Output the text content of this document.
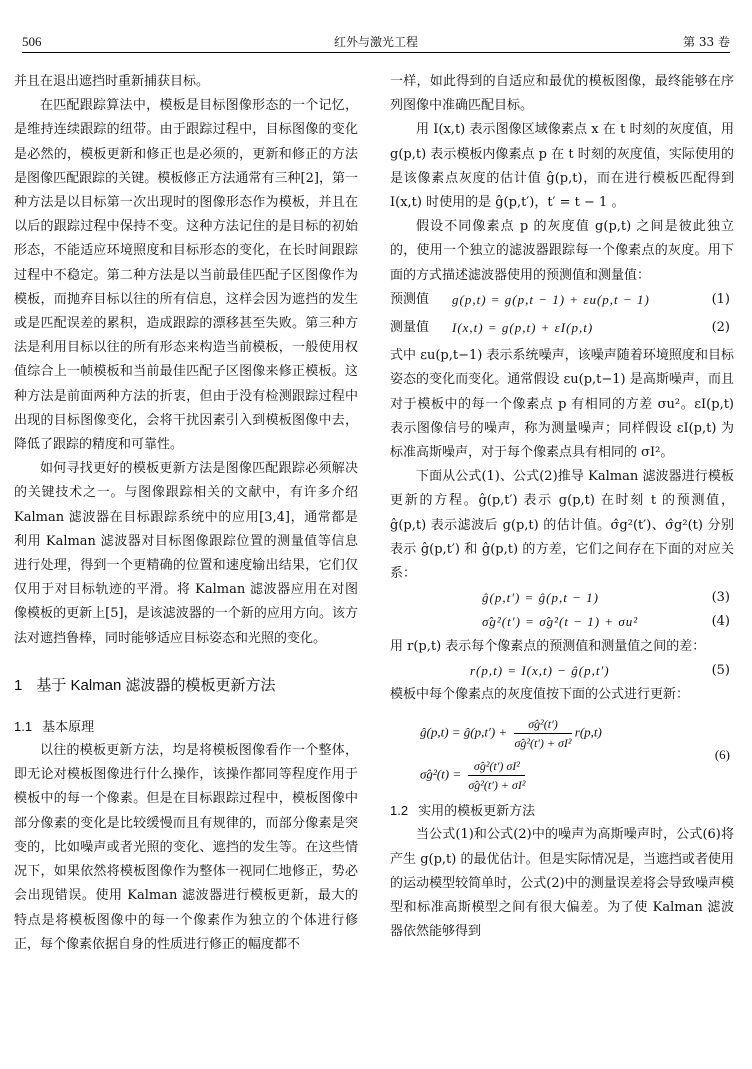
506	红外与激光工程	第 33 卷

并且在退出遮挡时重新捕获目标。

在匹配跟踪算法中，模板是目标图像形态的一个记忆，是维持连续跟踪的纽带。由于跟踪过程中，目标图像的变化是必然的，模板更新和修正也是必须的，更新和修正的方法是图像匹配跟踪的关键。模板修正方法通常有三种[2]，第一种方法是以目标第一次出现时的图像形态作为模板，并且在以后的跟踪过程中保持不变。这种方法记住的是目标的初始形态，不能适应环境照度和目标形态的变化，在长时间跟踪过程中不稳定。第二种方法是以当前最佳匹配子区图像作为模板，而抛弃目标以往的所有信息，这样会因为遮挡的发生或是匹配误差的累积，造成跟踪的漂移甚至失败。第三种方法是利用目标以往的所有形态来构造当前模板，一般使用权值综合上一帧模板和当前最佳匹配子区图像来修正模板。这种方法是前面两种方法的折衷，但由于没有检测跟踪过程中出现的目标图像变化，会将干扰因素引入到模板图像中去，降低了跟踪的精度和可靠性。

如何寻找更好的模板更新方法是图像匹配跟踪必须解决的关键技术之一。与图像跟踪相关的文献中，有许多介绍 Kalman 滤波器在目标跟踪系统中的应用[3,4]，通常都是利用 Kalman 滤波器对目标图像跟踪位置的测量值等信息进行处理，得到一个更精确的位置和速度输出结果，它们仅仅用于对目标轨迹的平滑。将 Kalman 滤波器应用在对图像模板的更新上[5]，是该滤波器的一个新的应用方向。该方法对遮挡鲁棒，同时能够适应目标姿态和光照的变化。

1 基于 Kalman 滤波器的模板更新方法
1.1 基本原理

以往的模板更新方法，均是将模板图像看作一个整体，即无论对模板图像进行什么操作，该操作都同等程度作用于模板中的每一个像素。但是在目标跟踪过程中，模板图像中部分像素的变化是比较缓慢而且有规律的，而部分像素是突变的，比如噪声或者光照的变化、遮挡的发生等。在这些情况下，如果依然将模板图像作为整体一视同仁地修正，势必会出现错误。使用 Kalman 滤波器进行模板更新，最大的特点是将模板图像中的每一个像素作为独立的个体进行修正，每个像素依据自身的性质进行修正的幅度都不

一样，如此得到的自适应和最优的模板图像，最终能够在序列图像中准确匹配目标。

用 I(x,t) 表示图像区域像素点 x 在 t 时刻的灰度值，用 g(p,t) 表示模板内像素点 p 在 t 时刻的灰度值，实际使用的是该像素点灰度的估计值 ĝ(p,t)，而在进行模板匹配得到 I(x,t) 时使用的是 ĝ(p,t′)，t′ = t − 1 。

假设不同像素点 p 的灰度值 g(p,t) 之间是彼此独立的，使用一个独立的滤波器跟踪每一个像素点的灰度。用下面的方式描述滤波器使用的预测值和测量值：

预测值 g(p,t) = g(p,t − 1) + εu(p,t − 1)	(1)
测量值 I(x,t) = g(p,t) + εI(p,t)	(2)

式中 εu(p,t−1) 表示系统噪声，该噪声随着环境照度和目标姿态的变化而变化。通常假设 εu(p,t−1) 是高斯噪声，而且对于模板中的每一个像素点 p 有相同的方差 σu²。εI(p,t) 表示图像信号的噪声，称为测量噪声；同样假设 εI(p,t) 为标准高斯噪声，对于每个像素点具有相同的 σI²。

下面从公式(1)、公式(2)推导 Kalman 滤波器进行模板更新的方程。ĝ(p,t′) 表示 g(p,t) 在时刻 t 的预测值，ĝ(p,t) 表示滤波后 g(p,t) 的估计值。σ̂g²(t′)、σ̂g²(t) 分别表示 ĝ(p,t′) 和 ĝ(p,t) 的方差，它们之间存在下面的对应关系：

ĝ(p,t′) = ĝ(p,t − 1)	(3)
σ̂g²(t′) = σ̂g²(t − 1) + σu²	(4)

用 r(p,t) 表示每个像素点的预测值和测量值之间的差：

r(p,t) = I(x,t) − ĝ(p,t′)	(5)

模板中每个像素点的灰度值按下面的公式进行更新：

ĝ(p,t) = ĝ(p,t′) + $\frac{\text{σ̂g²(t′)}}{\text{σ̂g²(t′) + σI²}} r(p,t)$
σ̂g²(t) = $\frac{\text{σ̂g²(t′) σI²}}{\text{σ̂g²(t′) + σI²}}$
(6)
1.2 实用的模板更新方法

当公式(1)和公式(2)中的噪声为高斯噪声时，公式(6)将产生 g(p,t) 的最优估计。但是实际情况是，当遮挡或者使用的运动模型较简单时，公式(2)中的测量误差将会导致噪声模型和标准高斯模型之间有很大偏差。为了使 Kalman 滤波器依然能够得到
